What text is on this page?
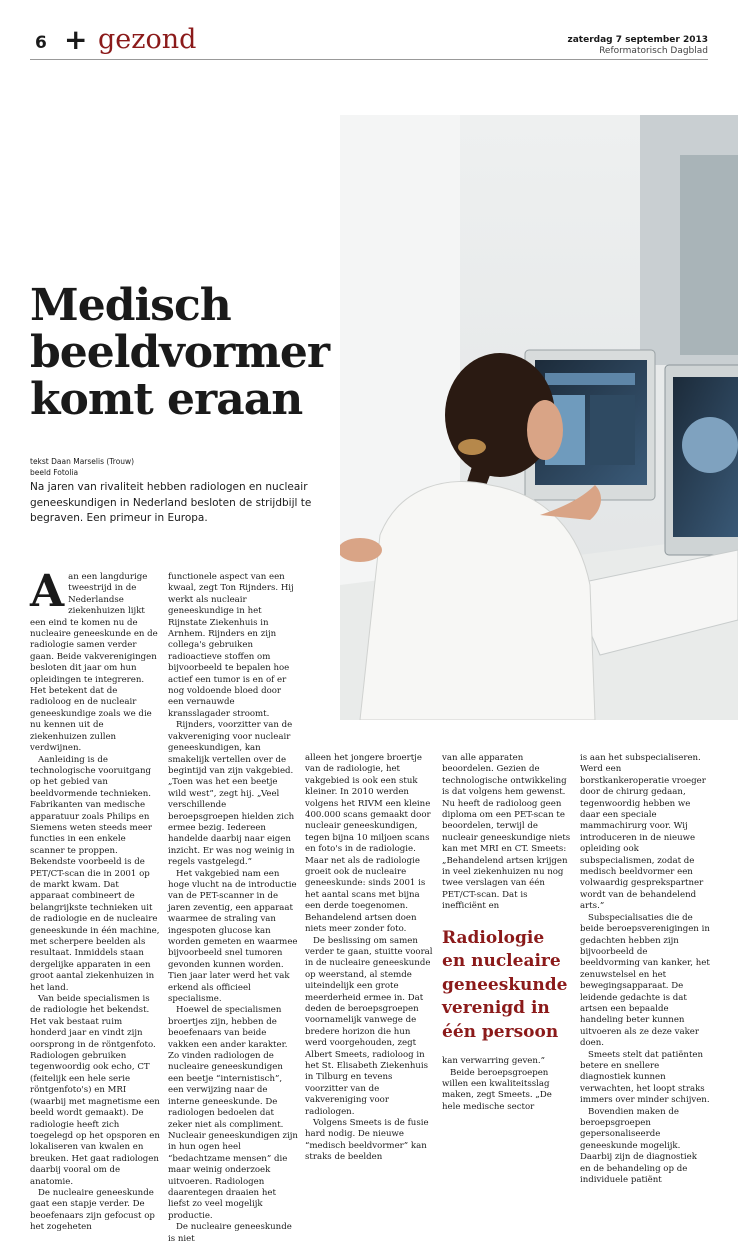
6 + gezond	zaterdag 7 september 2013
Reformatorisch Dagblad
Medisch
beeldvormer
komt eraan
tekst Daan Marselis (Trouw)
beeld Fotolia
Na jaren van rivaliteit hebben radiologen en nucleair geneeskundigen in Nederland besloten de strijdbijl te begraven. Een primeur in Europa.

Aan een langdurige tweestrijd in de Nederlandse ziekenhuizen lijkt een eind te komen nu de nucleaire geneeskunde en de radiologie samen verder gaan. Beide vakverenigingen besloten dit jaar om hun opleidingen te integreren. Het betekent dat de radioloog en de nucleair geneeskundige zoals we die nu kennen uit de ziekenhuizen zullen verdwijnen.

Aanleiding is de technologische vooruitgang op het gebied van beeldvormende technieken. Fabrikanten van medische apparatuur zoals Philips en Siemens weten steeds meer functies in een enkele scanner te proppen. Bekendste voorbeeld is de PET/CT-scan die in 2001 op de markt kwam. Dat apparaat combineert de belangrijkste technieken uit de radiologie en de nucleaire geneeskunde in één machine, met scherpere beelden als resultaat. Inmiddels staan dergelijke apparaten in een groot aantal ziekenhuizen in het land.

Van beide specialismen is de radiologie het bekendst. Het vak bestaat ruim honderd jaar en vindt zijn oorsprong in de röntgenfoto. Radiologen gebruiken tegenwoordig ook echo, CT (feitelijk een hele serie röntgenfoto's) en MRI (waarbij met magnetisme een beeld wordt gemaakt). De radiologie heeft zich toegelegd op het opsporen en lokaliseren van kwalen en breuken. Het gaat radiologen daarbij vooral om de anatomie.

De nucleaire geneeskunde gaat een stapje verder. De beoefenaars zijn gefocust op het zogeheten

functionele aspect van een kwaal, zegt Ton Rijnders. Hij werkt als nucleair geneeskundige in het Rijnstate Ziekenhuis in Arnhem. Rijnders en zijn collega's gebruiken radioactieve stoffen om bijvoorbeeld te bepalen hoe actief een tumor is en of er nog voldoende bloed door een vernauwde kransslagader stroomt.

Rijnders, voorzitter van de vakvereniging voor nucleair geneeskundigen, kan smakelijk vertellen over de begintijd van zijn vakgebied. „Toen was het een beetje wild west”, zegt hij. „Veel verschillende beroepsgroepen hielden zich ermee bezig. Iedereen handelde daarbij naar eigen inzicht. Er was nog weinig in regels vastgelegd.”

Het vakgebied nam een hoge vlucht na de introductie van de PET-scanner in de jaren zeventig, een apparaat waarmee de straling van ingespoten glucose kan worden gemeten en waarmee bijvoorbeeld snel tumoren gevonden kunnen worden. Tien jaar later werd het vak erkend als officieel specialisme.

Hoewel de specialismen broertjes zijn, hebben de beoefenaars van beide vakken een ander karakter. Zo vinden radiologen de nucleaire geneeskundigen een beetje “internistisch”, een verwijzing naar de interne geneeskunde. De radiologen bedoelen dat zeker niet als compliment. Nucleair geneeskundigen zijn in hun ogen heel “bedachtzame mensen” die maar weinig onderzoek uitvoeren. Radiologen daarentegen draaien het liefst zo veel mogelijk productie.

De nucleaire geneeskunde is niet

alleen het jongere broertje van de radiologie, het vakgebied is ook een stuk kleiner. In 2010 werden volgens het RIVM een kleine 400.000 scans gemaakt door nucleair geneeskundigen, tegen bijna 10 miljoen scans en foto's in de radiologie. Maar net als de radiologie groeit ook de nucleaire geneeskunde: sinds 2001 is het aantal scans met bijna een derde toegenomen. Behandelend artsen doen niets meer zonder foto.

De beslissing om samen verder te gaan, stuitte vooral in de nucleaire geneeskunde op weerstand, al stemde uiteindelijk een grote meerderheid ermee in. Dat deden de beroepsgroepen voornamelijk vanwege de bredere horizon die hun werd voorgehouden, zegt Albert Smeets, radioloog in het St. Elisabeth Ziekenhuis in Tilburg en tevens voorzitter van de vakvereniging voor radiologen.

Volgens Smeets is de fusie hard nodig. De nieuwe “medisch beeldvormer” kan straks de beelden

van alle apparaten beoordelen. Gezien de technologische ontwikkeling is dat volgens hem gewenst. Nu heeft de radioloog geen diploma om een PET-scan te beoordelen, terwijl de nucleair geneeskundige niets kan met MRI en CT. Smeets: „Behandelend artsen krijgen in veel ziekenhuizen nu nog twee verslagen van één PET/CT-scan. Dat is inefficiënt en

Radiologie
en nucleaire
geneeskunde
verenigd in
één persoon

kan verwarring geven.”

Beide beroepsgroepen willen een kwaliteitsslag maken, zegt Smeets. „De hele medische sector

is aan het subspecialiseren. Werd een borstkankeroperatie vroeger door de chirurg gedaan, tegenwoordig hebben we daar een speciale mammachirurg voor. Wij introduceren in de nieuwe opleiding ook subspecialismen, zodat de medisch beeldvormer een volwaardig gesprekspartner wordt van de behandelend arts.”

Subspecialisaties die de beide beroepsverenigingen in gedachten hebben zijn bijvoorbeeld de beeldvorming van kanker, het zenuwstelsel en het bewegingsapparaat. De leidende gedachte is dat artsen een bepaalde handeling beter kunnen uitvoeren als ze deze vaker doen.

Smeets stelt dat patiënten betere en snellere diagnostiek kunnen verwachten, het loopt straks immers over minder schijven.

Bovendien maken de beroepsgroepen gepersonaliseerde geneeskunde mogelijk. Daarbij zijn de diagnostiek en de behandeling op de individuele patiënt
